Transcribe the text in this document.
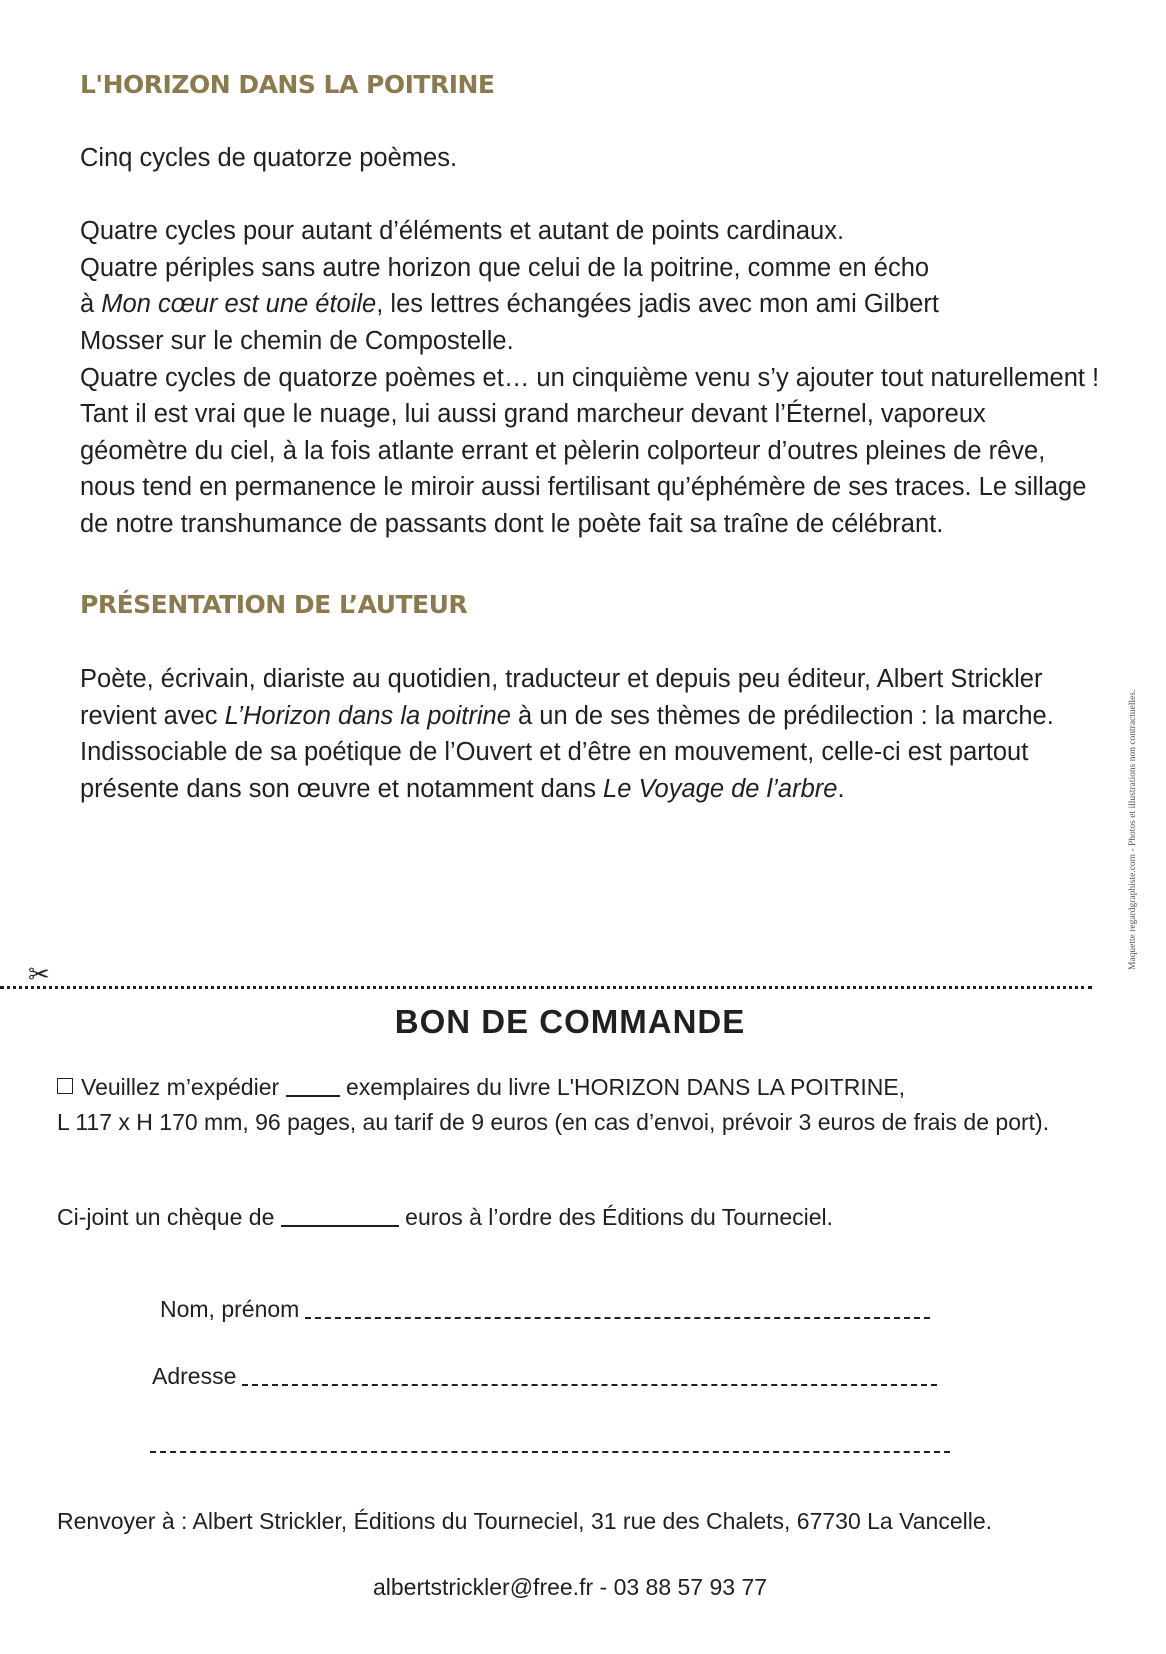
L'HORIZON DANS LA POITRINE

Cinq cycles de quatorze poèmes.

Quatre cycles pour autant d’éléments et autant de points cardinaux.

Quatre périples sans autre horizon que celui de la poitrine, comme en écho

à Mon cœur est une étoile, les lettres échangées jadis avec mon ami Gilbert

Mosser sur le chemin de Compostelle.

Quatre cycles de quatorze poèmes et… un cinquième venu s’y ajouter tout naturellement ! Tant il est vrai que le nuage, lui aussi grand marcheur devant l’Éternel, vaporeux géomètre du ciel, à la fois atlante errant et pèlerin colporteur d’outres pleines de rêve, nous tend en permanence le miroir aussi fertilisant qu’éphémère de ses traces. Le sillage de notre transhumance de passants dont le poète fait sa traîne de célébrant.

PRÉSENTATION DE L’AUTEUR

Poète, écrivain, diariste au quotidien, traducteur et depuis peu éditeur, Albert Strickler revient avec L’Horizon dans la poitrine à un de ses thèmes de prédilection : la marche. Indissociable de sa poétique de l’Ouvert et d’être en mouvement, celle-ci est partout présente dans son œuvre et notamment dans Le Voyage de l’arbre.	Maquette regardgraphiste.com - Photos et illustrations non contractuelles.
✂
BON DE COMMANDE
Veuillez m’expédier	exemplaires du livre L'HORIZON DANS LA POITRINE,
L 117 x H 170 mm, 96 pages, au tarif de 9 euros (en cas d’envoi, prévoir 3 euros de frais de port).
Ci-joint un chèque de	euros à l’ordre des Éditions du Tourneciel.
Nom, prénom
Adresse
Renvoyer à : Albert Strickler, Éditions du Tourneciel, 31 rue des Chalets, 67730 La Vancelle.
albertstrickler@free.fr - 03 88 57 93 77
